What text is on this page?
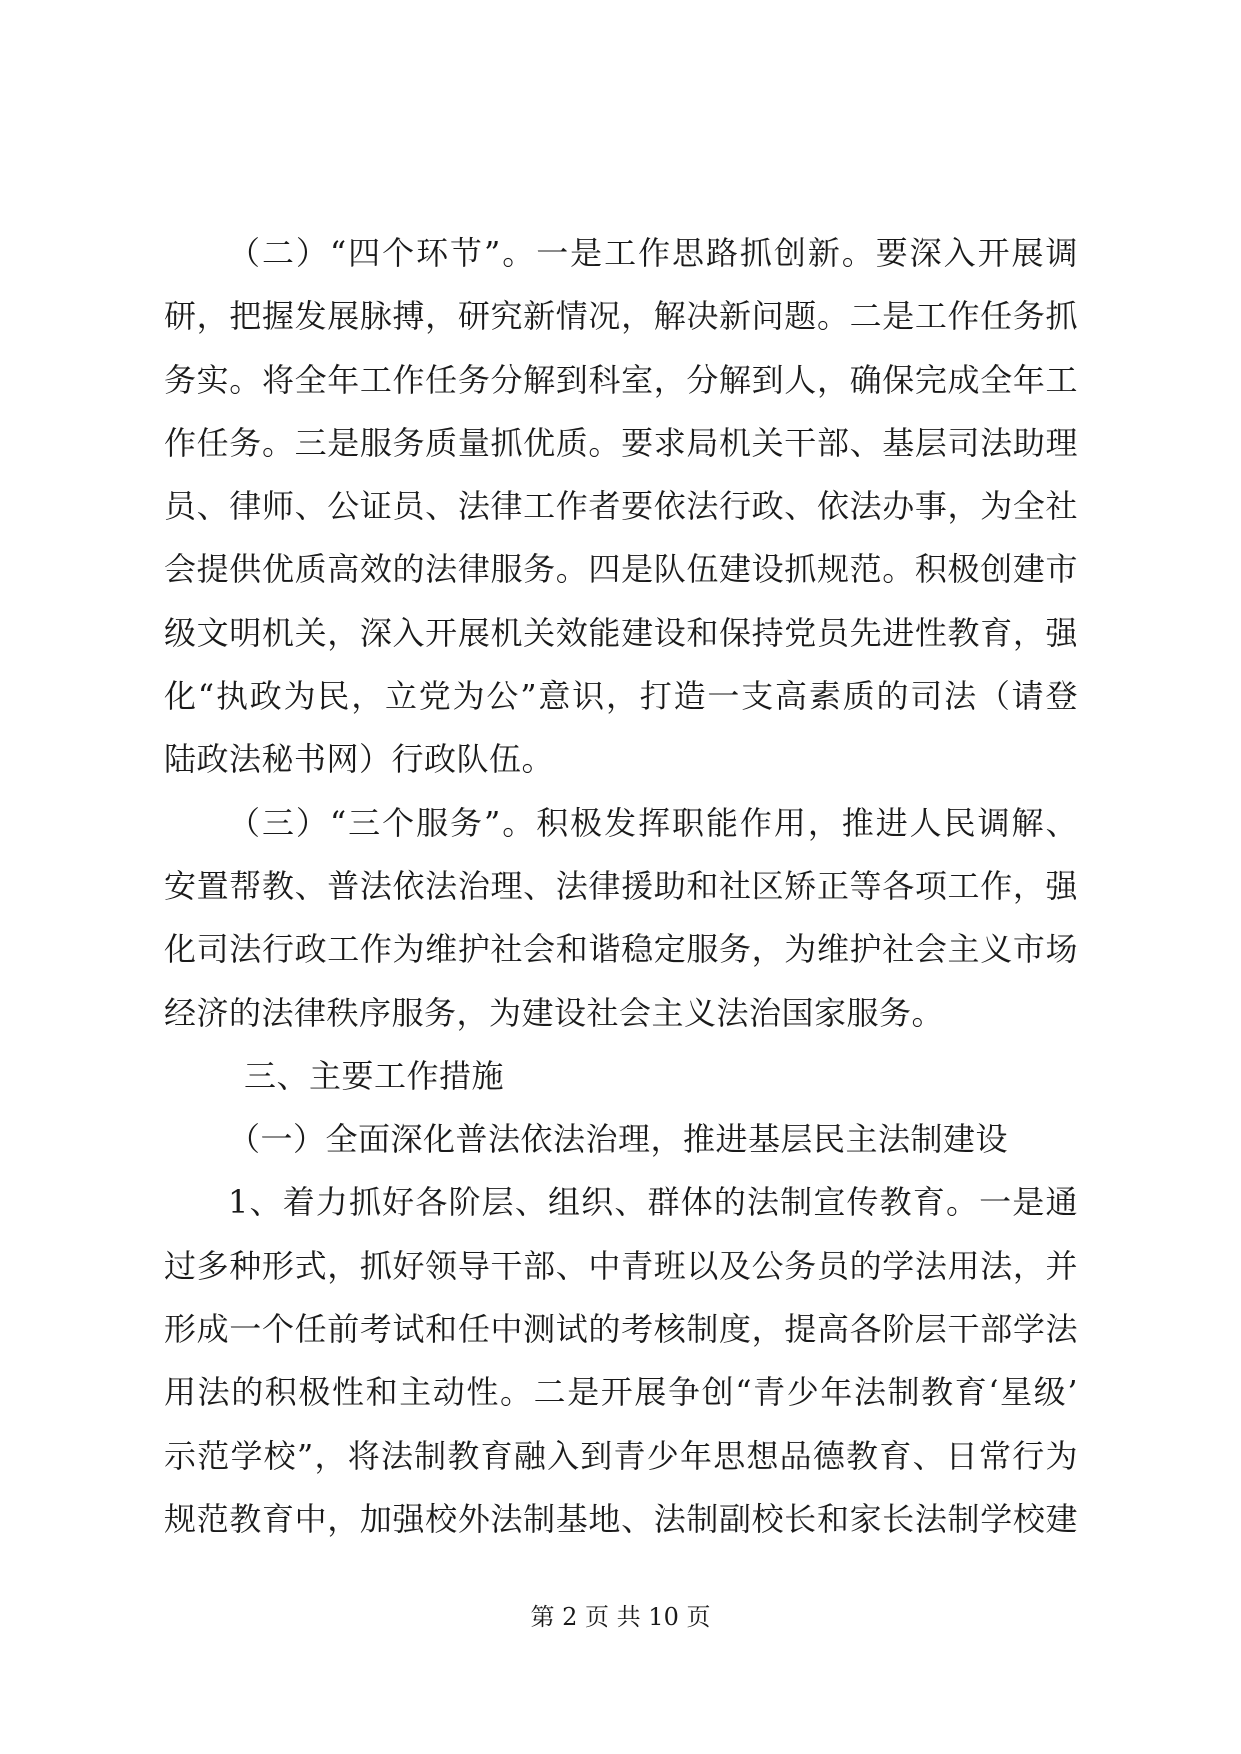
（二）“四个环节”。一是工作思路抓创新。要深入开展调
研，把握发展脉搏，研究新情况，解决新问题。二是工作任务抓
务实。将全年工作任务分解到科室，分解到人，确保完成全年工
作任务。三是服务质量抓优质。要求局机关干部、基层司法助理
员、律师、公证员、法律工作者要依法行政、依法办事，为全社
会提供优质高效的法律服务。四是队伍建设抓规范。积极创建市
级文明机关，深入开展机关效能建设和保持党员先进性教育，强
化“执政为民，立党为公”意识，打造一支高素质的司法（请登
陆政法秘书网）行政队伍。
（三）“三个服务”。积极发挥职能作用，推进人民调解、
安置帮教、普法依法治理、法律援助和社区矫正等各项工作，强
化司法行政工作为维护社会和谐稳定服务，为维护社会主义市场
经济的法律秩序服务，为建设社会主义法治国家服务。
三、主要工作措施
（一）全面深化普法依法治理，推进基层民主法制建设
1、着力抓好各阶层、组织、群体的法制宣传教育。一是通
过多种形式，抓好领导干部、中青班以及公务员的学法用法，并
形成一个任前考试和任中测试的考核制度，提高各阶层干部学法
用法的积极性和主动性。二是开展争创“青少年法制教育‘星级’
示范学校”，将法制教育融入到青少年思想品德教育、日常行为
规范教育中，加强校外法制基地、法制副校长和家长法制学校建
第 2 页 共 10 页
